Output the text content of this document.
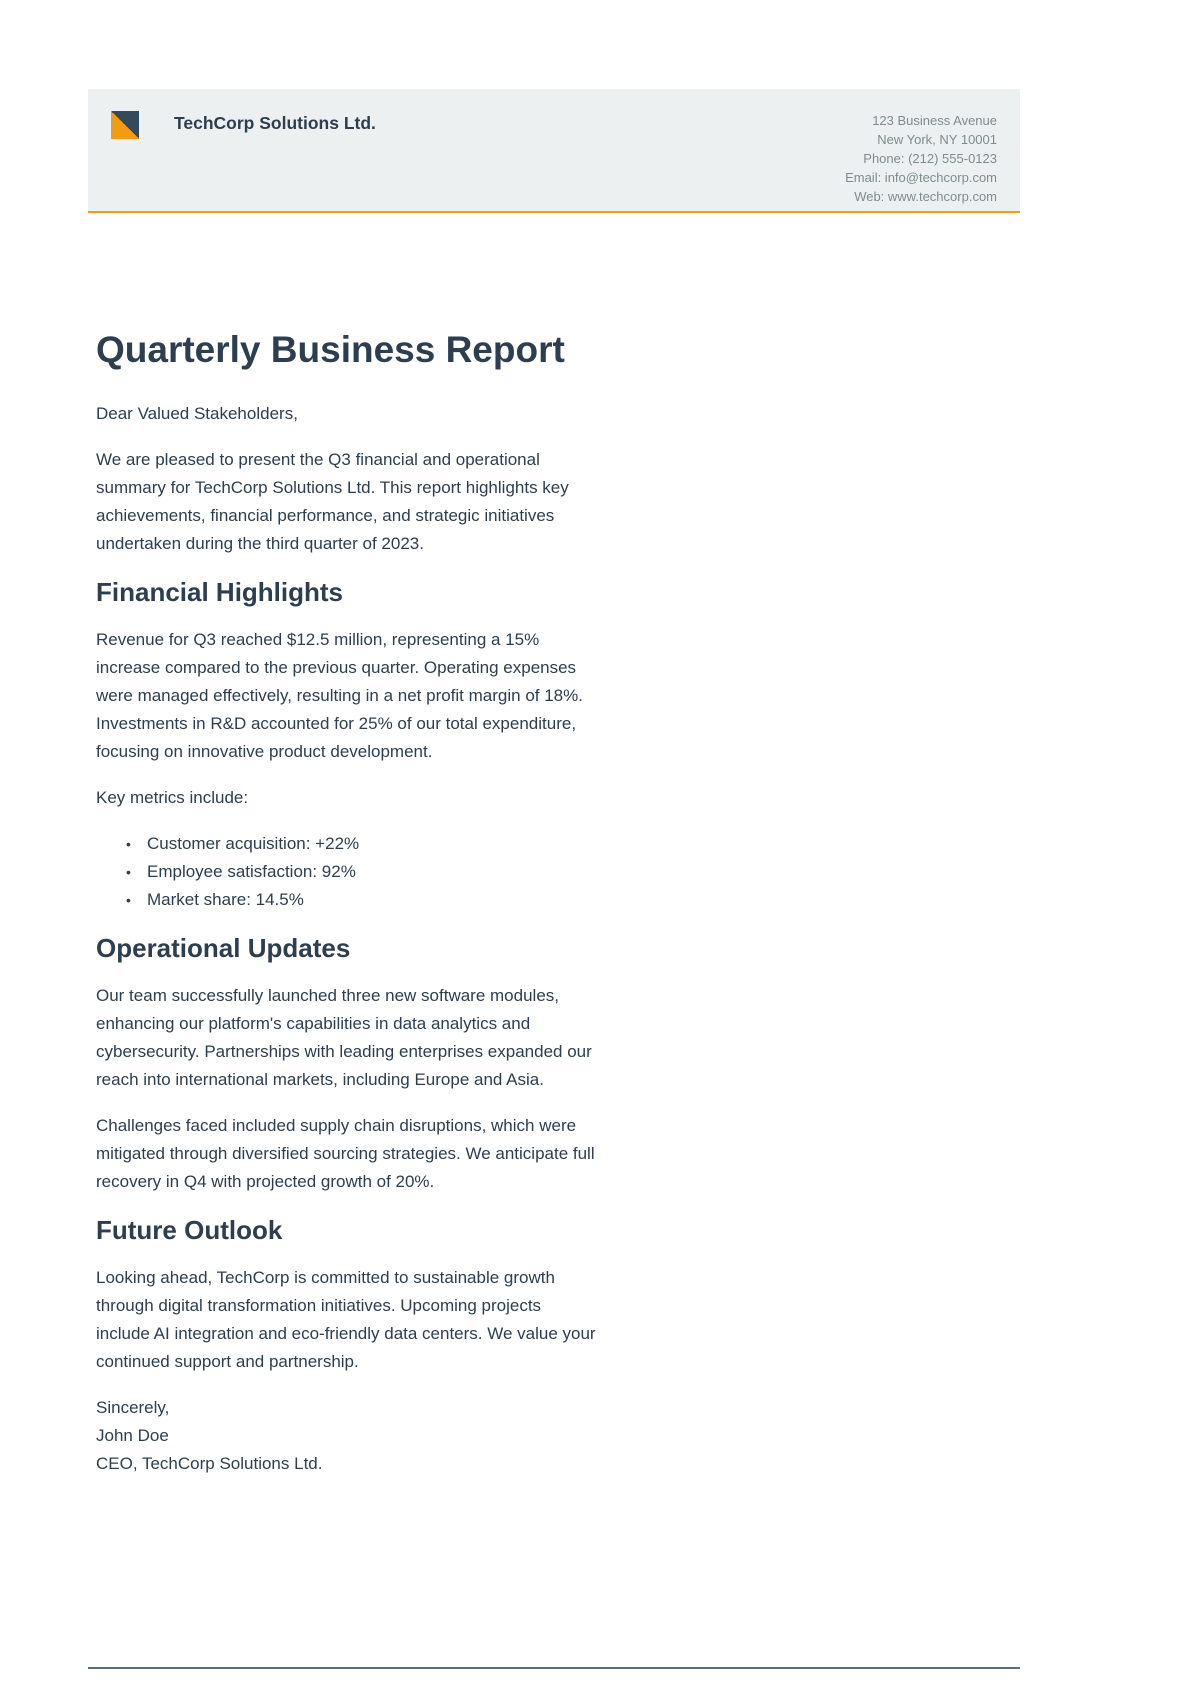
TechCorp Solutions Ltd.	123 Business Avenue
New York, NY 10001
Phone: (212) 555-0123
Email: info@techcorp.com
Web: www.techcorp.com
Quarterly Business Report

Dear Valued Stakeholders,

We are pleased to present the Q3 financial and operational summary for TechCorp Solutions Ltd. This report highlights key achievements, financial performance, and strategic initiatives undertaken during the third quarter of 2023.

Financial Highlights

Revenue for Q3 reached $12.5 million, representing a 15% increase compared to the previous quarter. Operating expenses were managed effectively, resulting in a net profit margin of 18%. Investments in R&D accounted for 25% of our total expenditure, focusing on innovative product development.

Key metrics include:

• Customer acquisition: +22%
• Employee satisfaction: 92%
• Market share: 14.5%
Operational Updates

Our team successfully launched three new software modules, enhancing our platform's capabilities in data analytics and cybersecurity. Partnerships with leading enterprises expanded our reach into international markets, including Europe and Asia.

Challenges faced included supply chain disruptions, which were mitigated through diversified sourcing strategies. We anticipate full recovery in Q4 with projected growth of 20%.

Future Outlook

Looking ahead, TechCorp is committed to sustainable growth through digital transformation initiatives. Upcoming projects include AI integration and eco-friendly data centers. We value your continued support and partnership.

Sincerely,
John Doe
CEO, TechCorp Solutions Ltd.
